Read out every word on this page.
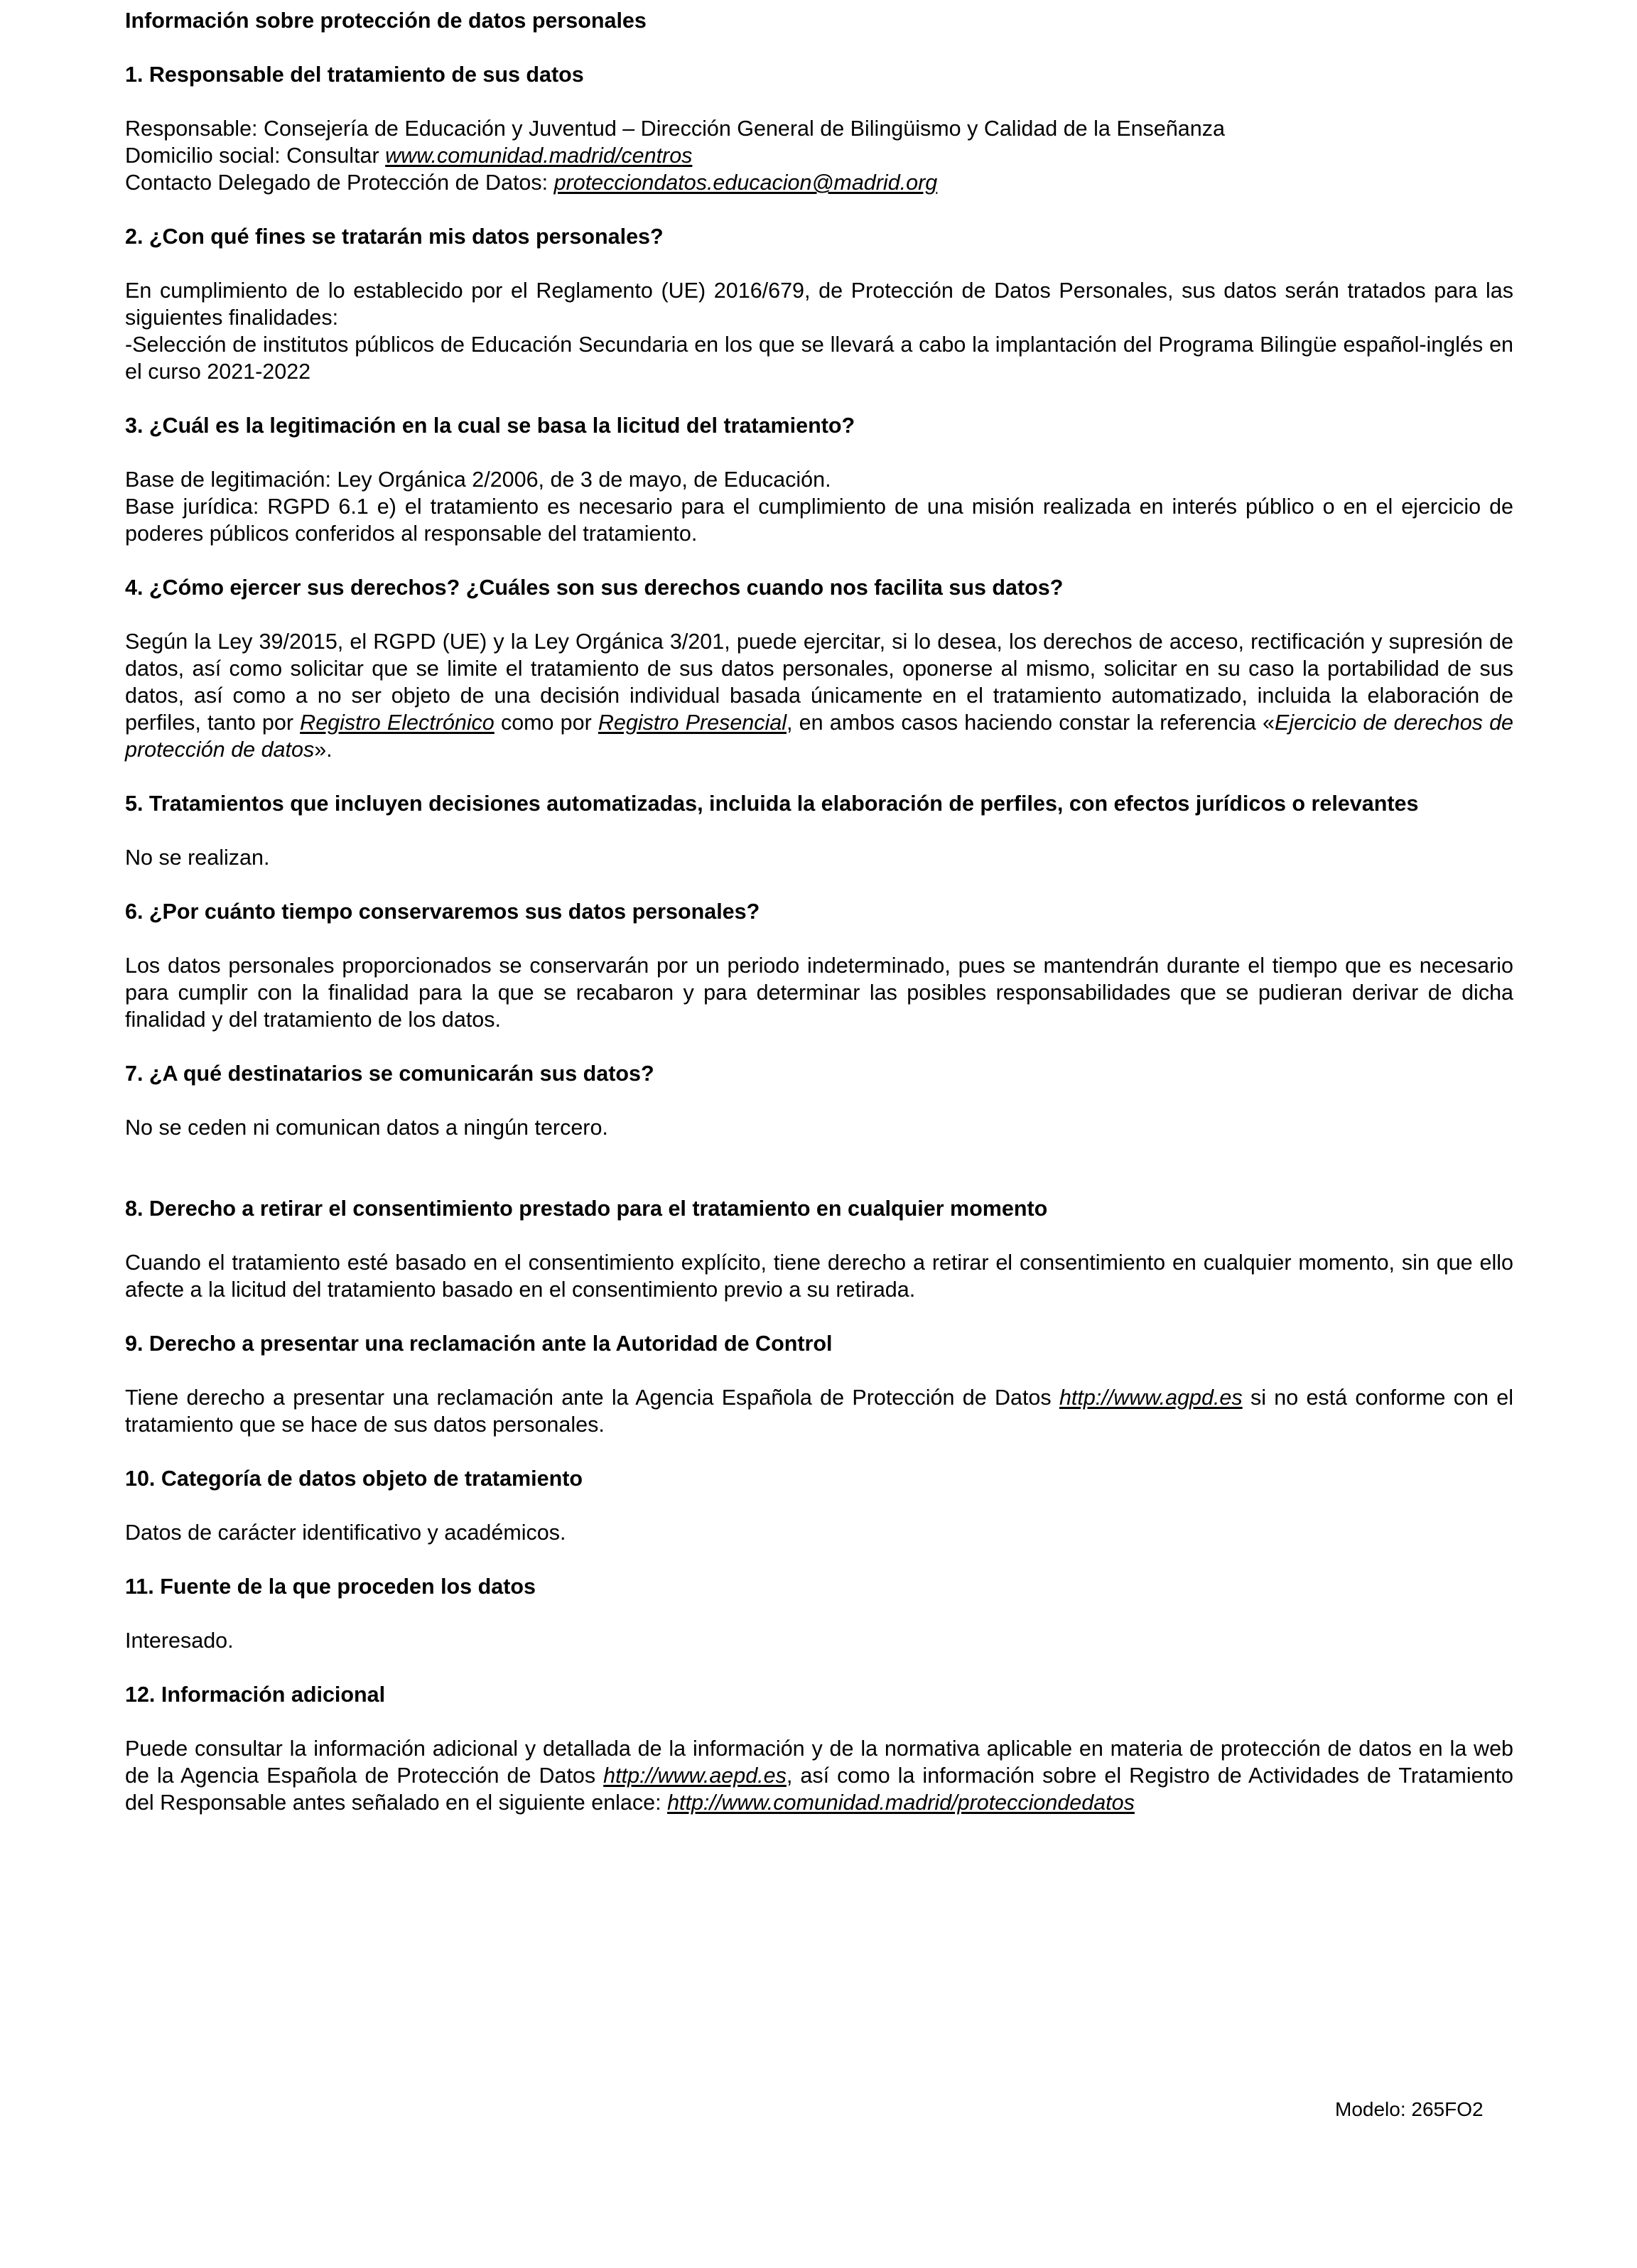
Información sobre protección de datos personales

1. Responsable del tratamiento de sus datos

Responsable: Consejería de Educación y Juventud – Dirección General de Bilingüismo y Calidad de la Enseñanza

Domicilio social: Consultar www.comunidad.madrid/centros

Contacto Delegado de Protección de Datos: protecciondatos.educacion@madrid.org

2. ¿Con qué fines se tratarán mis datos personales?

En cumplimiento de lo establecido por el Reglamento (UE) 2016/679, de Protección de Datos Personales, sus datos serán tratados para las siguientes finalidades:

-Selección de institutos públicos de Educación Secundaria en los que se llevará a cabo la implantación del Programa Bilingüe español-inglés en el curso 2021-2022

3. ¿Cuál es la legitimación en la cual se basa la licitud del tratamiento?

Base de legitimación: Ley Orgánica 2/2006, de 3 de mayo, de Educación.

Base jurídica: RGPD 6.1 e) el tratamiento es necesario para el cumplimiento de una misión realizada en interés público o en el ejercicio de poderes públicos conferidos al responsable del tratamiento.

4. ¿Cómo ejercer sus derechos? ¿Cuáles son sus derechos cuando nos facilita sus datos?

Según la Ley 39/2015, el RGPD (UE) y la Ley Orgánica 3/201, puede ejercitar, si lo desea, los derechos de acceso, rectificación y supresión de datos, así como solicitar que se limite el tratamiento de sus datos personales, oponerse al mismo, solicitar en su caso la portabilidad de sus datos, así como a no ser objeto de una decisión individual basada únicamente en el tratamiento automatizado, incluida la elaboración de perfiles, tanto por Registro Electrónico como por Registro Presencial, en ambos casos haciendo constar la referencia «Ejercicio de derechos de protección de datos».

5. Tratamientos que incluyen decisiones automatizadas, incluida la elaboración de perfiles, con efectos jurídicos o relevantes

No se realizan.

6. ¿Por cuánto tiempo conservaremos sus datos personales?

Los datos personales proporcionados se conservarán por un periodo indeterminado, pues se mantendrán durante el tiempo que es necesario para cumplir con la finalidad para la que se recabaron y para determinar las posibles responsabilidades que se pudieran derivar de dicha finalidad y del tratamiento de los datos.

7. ¿A qué destinatarios se comunicarán sus datos?

No se ceden ni comunican datos a ningún tercero.

8. Derecho a retirar el consentimiento prestado para el tratamiento en cualquier momento

Cuando el tratamiento esté basado en el consentimiento explícito, tiene derecho a retirar el consentimiento en cualquier momento, sin que ello afecte a la licitud del tratamiento basado en el consentimiento previo a su retirada.

9. Derecho a presentar una reclamación ante la Autoridad de Control

Tiene derecho a presentar una reclamación ante la Agencia Española de Protección de Datos http://www.agpd.es si no está conforme con el tratamiento que se hace de sus datos personales.

10. Categoría de datos objeto de tratamiento

Datos de carácter identificativo y académicos.

11. Fuente de la que proceden los datos

Interesado.

12. Información adicional

Puede consultar la información adicional y detallada de la información y de la normativa aplicable en materia de protección de datos en la web de la Agencia Española de Protección de Datos http://www.aepd.es, así como la información sobre el Registro de Actividades de Tratamiento del Responsable antes señalado en el siguiente enlace: http://www.comunidad.madrid/protecciondedatos

Modelo: 265FO2
